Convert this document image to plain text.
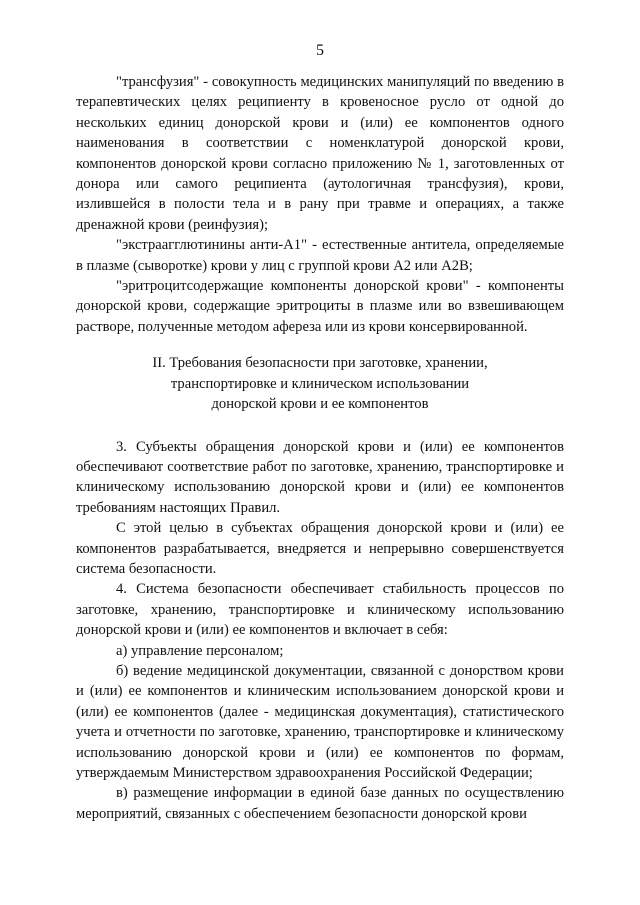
5

"трансфузия" - совокупность медицинских манипуляций по введению в терапевтических целях реципиенту в кровеносное русло от одной до нескольких единиц донорской крови и (или) ее компонентов одного наименования в соответствии с номенклатурой донорской крови, компонентов донорской крови согласно приложению № 1, заготовленных от донора или самого реципиента (аутологичная трансфузия), крови, излившейся в полости тела и в рану при травме и операциях, а также дренажной крови (реинфузия);

"экстраагглютинины анти-A1" - естественные антитела, определяемые в плазме (сыворотке) крови у лиц с группой крови A2 или A2B;

"эритроцитсодержащие компоненты донорской крови" - компоненты донорской крови, содержащие эритроциты в плазме или во взвешивающем растворе, полученные методом афереза или из крови консервированной.

II. Требования безопасности при заготовке, хранении,
транспортировке и клиническом использовании
донорской крови и ее компонентов

3. Субъекты обращения донорской крови и (или) ее компонентов обеспечивают соответствие работ по заготовке, хранению, транспортировке и клиническому использованию донорской крови и (или) ее компонентов требованиям настоящих Правил.

С этой целью в субъектах обращения донорской крови и (или) ее компонентов разрабатывается, внедряется и непрерывно совершенствуется система безопасности.

4. Система безопасности обеспечивает стабильность процессов по заготовке, хранению, транспортировке и клиническому использованию донорской крови и (или) ее компонентов и включает в себя:

а) управление персоналом;

б) ведение медицинской документации, связанной с донорством крови и (или) ее компонентов и клиническим использованием донорской крови и (или) ее компонентов (далее - медицинская документация), статистического учета и отчетности по заготовке, хранению, транспортировке и клиническому использованию донорской крови и (или) ее компонентов по формам, утверждаемым Министерством здравоохранения Российской Федерации;

в) размещение информации в единой базе данных по осуществлению мероприятий, связанных с обеспечением безопасности донорской крови
